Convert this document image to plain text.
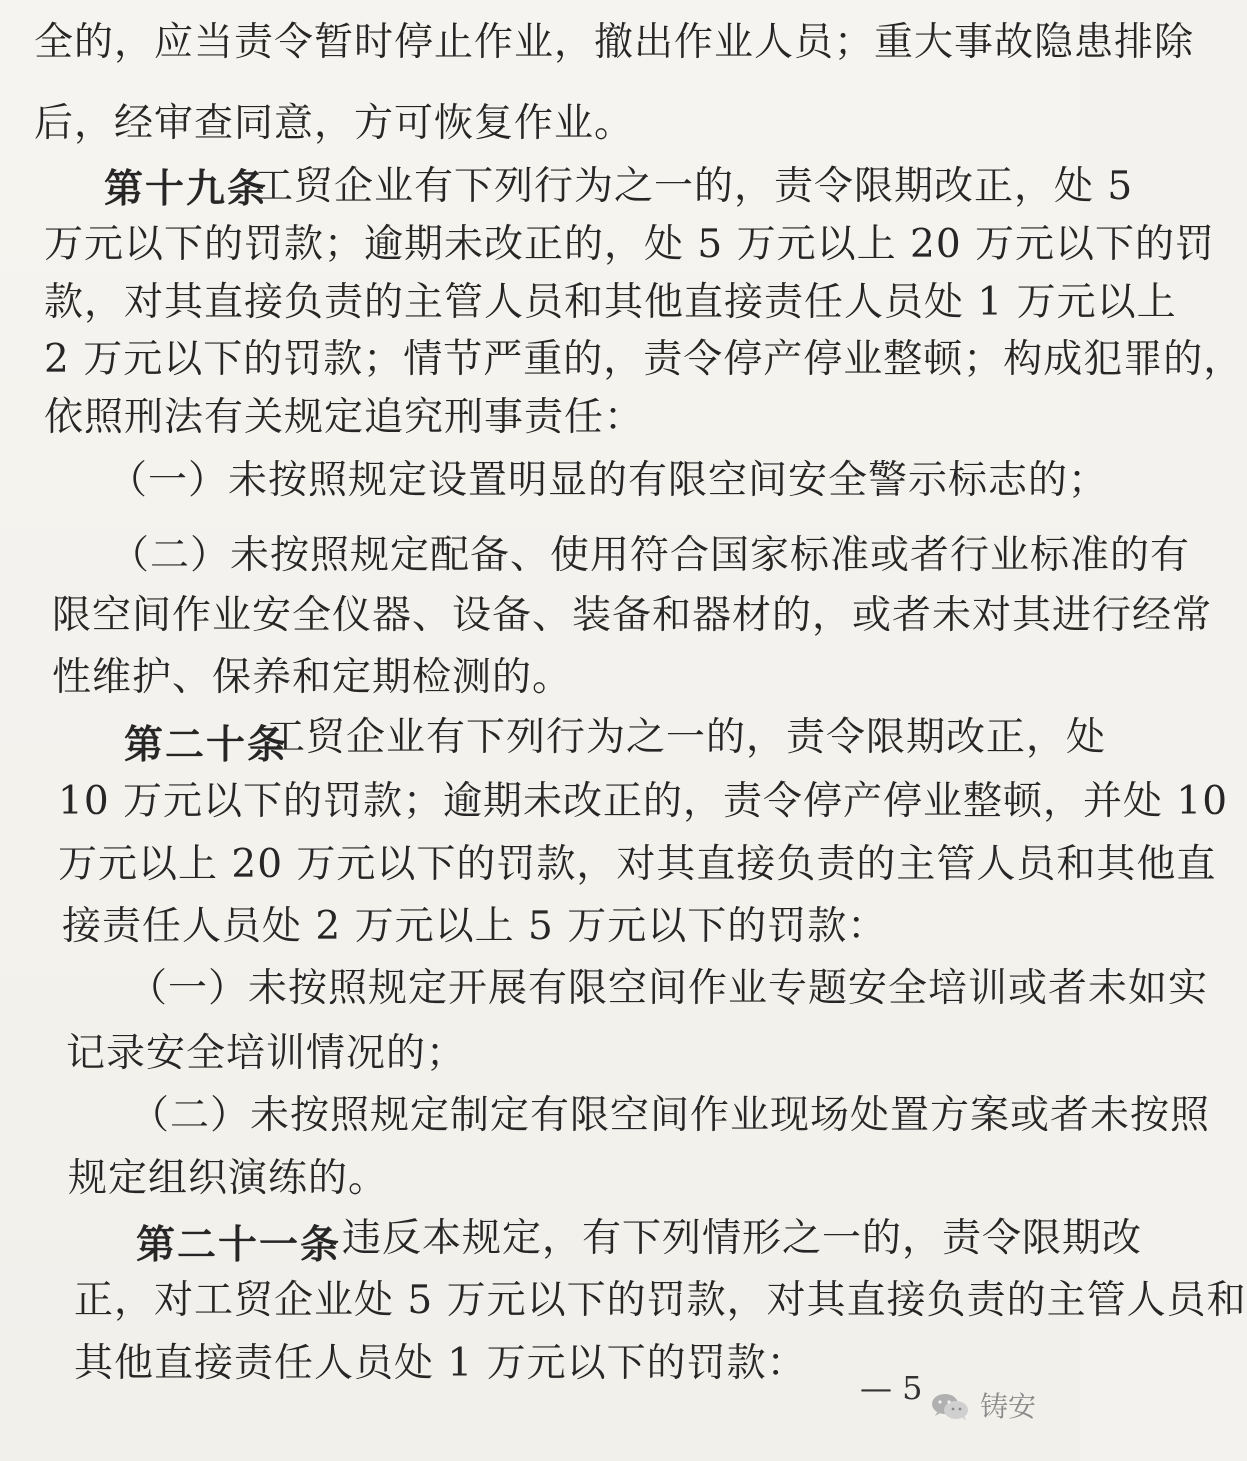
全的，应当责令暂时停止作业，撤出作业人员；重大事故隐患排除
后，经审查同意，方可恢复作业。
第十九条
工贸企业有下列行为之一的，责令限期改正，处 5
万元以下的罚款；逾期未改正的，处 5 万元以上 20 万元以下的罚
款，对其直接负责的主管人员和其他直接责任人员处 1 万元以上
2 万元以下的罚款；情节严重的，责令停产停业整顿；构成犯罪的，
依照刑法有关规定追究刑事责任：
（一）未按照规定设置明显的有限空间安全警示标志的；
（二）未按照规定配备、使用符合国家标准或者行业标准的有
限空间作业安全仪器、设备、装备和器材的，或者未对其进行经常
性维护、保养和定期检测的。
第二十条
工贸企业有下列行为之一的，责令限期改正，处
10 万元以下的罚款；逾期未改正的，责令停产停业整顿，并处 10
万元以上 20 万元以下的罚款，对其直接负责的主管人员和其他直
接责任人员处 2 万元以上 5 万元以下的罚款：
（一）未按照规定开展有限空间作业专题安全培训或者未如实
记录安全培训情况的；
（二）未按照规定制定有限空间作业现场处置方案或者未按照
规定组织演练的。
第二十一条 违反本规定，有下列情形之一的，责令限期改
正，对工贸企业处 5 万元以下的罚款，对其直接负责的主管人员和
其他直接责任人员处 1 万元以下的罚款：
— 5 铸安
